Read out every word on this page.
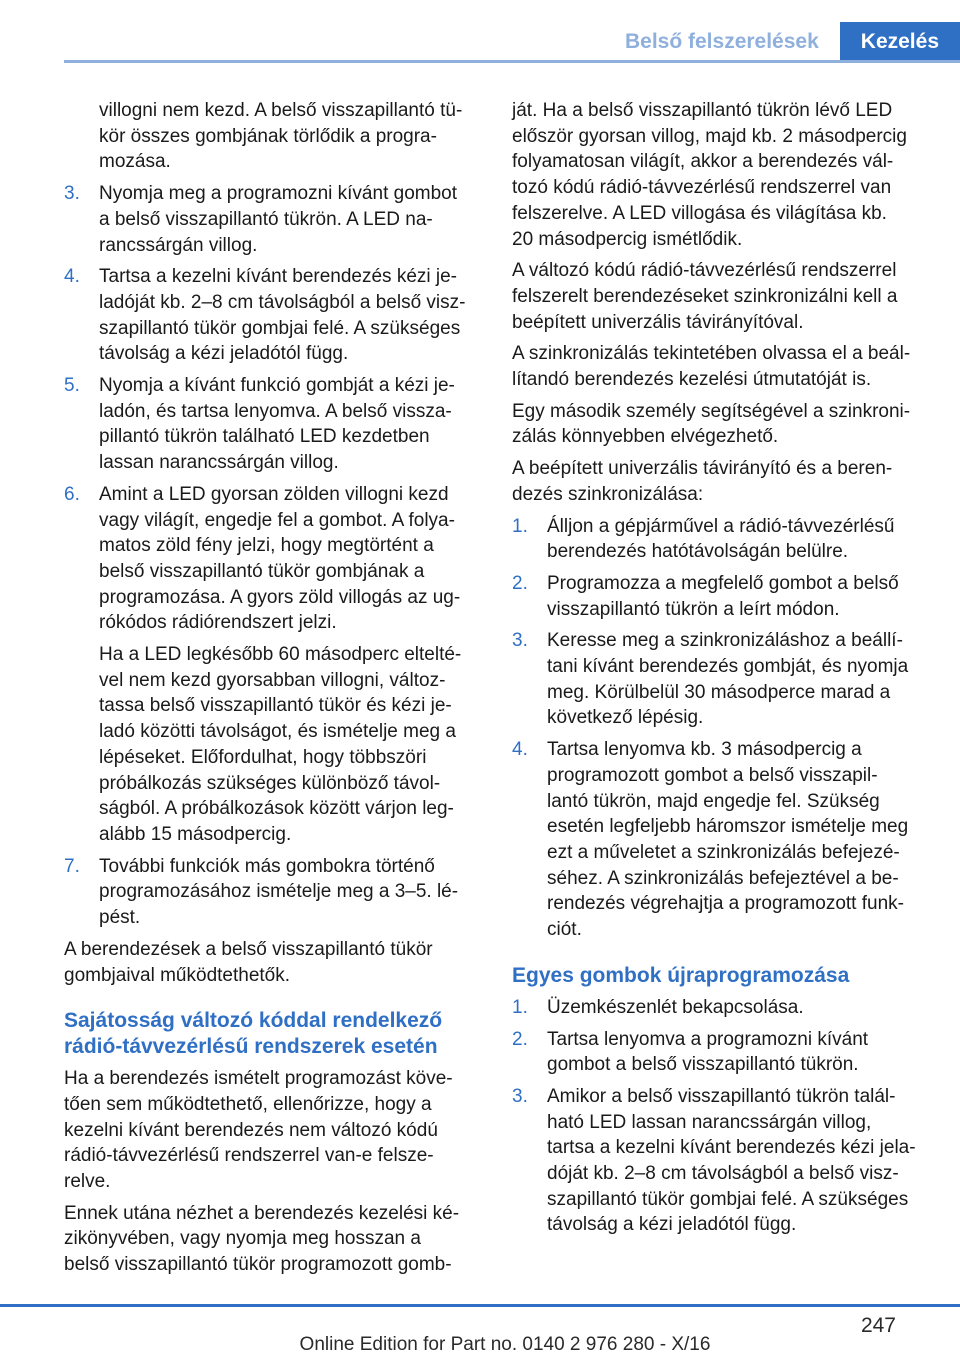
Belső felszerelések	Kezelés

villogni nem kezd. A belső visszapillantó tü-
kör összes gombjának törlődik a progra-
mozása.

3.	Nyomja meg a programozni kívánt gombot
a belső visszapillantó tükrön. A LED na-
rancssárgán villog.
4.	Tartsa a kezelni kívánt berendezés kézi je-
ladóját kb. 2–8 cm távolságból a belső visz-
szapillantó tükör gombjai felé. A szükséges
távolság a kézi jeladótól függ.
5.	Nyomja a kívánt funkció gombját a kézi je-
ladón, és tartsa lenyomva. A belső vissza-
pillantó tükrön található LED kezdetben
lassan narancssárgán villog.
6.	Amint a LED gyorsan zölden villogni kezd
vagy világít, engedje fel a gombot. A folya-
matos zöld fény jelzi, hogy megtörtént a
belső visszapillantó tükör gombjának a
programozása. A gyors zöld villogás az ug-
rókódos rádiórendszert jelzi.
Ha a LED legkésőbb 60 másodperc eltelté-
vel nem kezd gyorsabban villogni, változ-
tassa belső visszapillantó tükör és kézi je-
ladó közötti távolságot, és ismételje meg a
lépéseket. Előfordulhat, hogy többszöri
próbálkozás szükséges különböző távol-
ságból. A próbálkozások között várjon leg-
alább 15 másodpercig.
7.	További funkciók más gombokra történő
programozásához ismételje meg a 3–5. lé-
pést.

A berendezések a belső visszapillantó tükör
gombjaival működtethetők.

Sajátosság változó kóddal rendelkező
rádió-távvezérlésű rendszerek esetén

Ha a berendezés ismételt programozást köve-
tően sem működtethető, ellenőrizze, hogy a
kezelni kívánt berendezés nem változó kódú
rádió-távvezérlésű rendszerrel van-e felsze-
relve.

Ennek utána nézhet a berendezés kezelési ké-
zikönyvében, vagy nyomja meg hosszan a
belső visszapillantó tükör programozott gomb-

ját. Ha a belső visszapillantó tükrön lévő LED
először gyorsan villog, majd kb. 2 másodpercig
folyamatosan világít, akkor a berendezés vál-
tozó kódú rádió-távvezérlésű rendszerrel van
felszerelve. A LED villogása és világítása kb.
20 másodpercig ismétlődik.

A változó kódú rádió-távvezérlésű rendszerrel
felszerelt berendezéseket szinkronizálni kell a
beépített univerzális távirányítóval.

A szinkronizálás tekintetében olvassa el a beál-
lítandó berendezés kezelési útmutatóját is.

Egy második személy segítségével a szinkroni-
zálás könnyebben elvégezhető.

A beépített univerzális távirányító és a beren-
dezés szinkronizálása:

1.	Álljon a gépjárművel a rádió-távvezérlésű
berendezés hatótávolságán belülre.
2.	Programozza a megfelelő gombot a belső
visszapillantó tükrön a leírt módon.
3.	Keresse meg a szinkronizáláshoz a beállí-
tani kívánt berendezés gombját, és nyomja
meg. Körülbelül 30 másodperce marad a
következő lépésig.
4.	Tartsa lenyomva kb. 3 másodpercig a
programozott gombot a belső visszapil-
lantó tükrön, majd engedje fel. Szükség
esetén legfeljebb háromszor ismételje meg
ezt a műveletet a szinkronizálás befejezé-
séhez. A szinkronizálás befejeztével a be-
rendezés végrehajtja a programozott funk-
ciót.
Egyes gombok újraprogramozása
1.	Üzemkészenlét bekapcsolása.
2.	Tartsa lenyomva a programozni kívánt
gombot a belső visszapillantó tükrön.
3.	Amikor a belső visszapillantó tükrön talál-
ható LED lassan narancssárgán villog,
tartsa a kezelni kívánt berendezés kézi jela-
dóját kb. 2–8 cm távolságból a belső visz-
szapillantó tükör gombjai felé. A szükséges
távolság a kézi jeladótól függ.
247
Online Edition for Part no. 0140 2 976 280 - X/16
